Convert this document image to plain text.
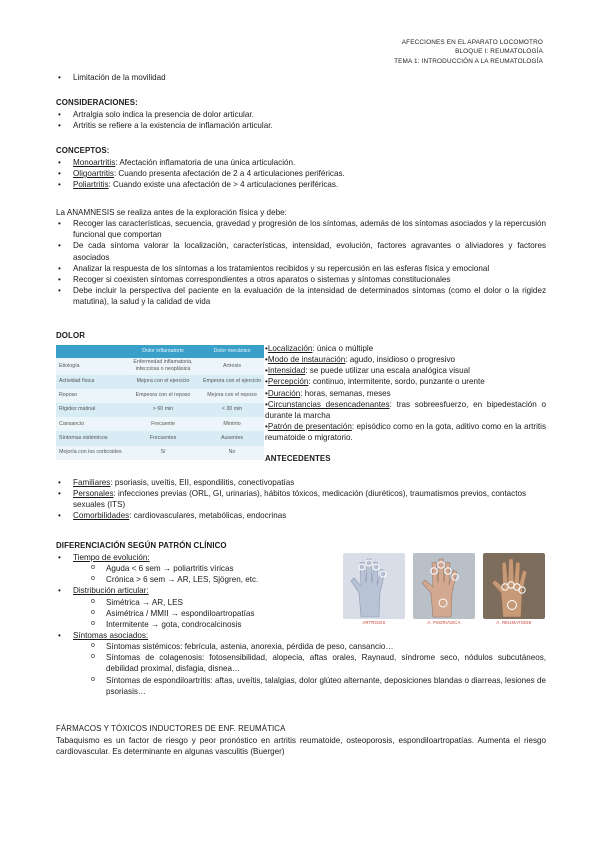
AFECCIONES EN EL APARATO LOCOMOTRO
BLOQUE I: REUMATOLOGÍA
TEMA 1: INTRODUCCIÓN A LA REUMATOLOGÍA
• Limitación de la movilidad
CONSIDERACIONES:
• Artralgia solo indica la presencia de dolor articular.
• Artritis se refiere a la existencia de inflamación articular.
CONCEPTOS:
• Monoartritis: Afectación inflamatoria de una única articulación.
• Oligoartritis: Cuando presenta afectación de 2 a 4 articulaciones periféricas.
• Poliartritis: Cuando existe una afectación de > 4 articulaciones periféricas.
La ANAMNESIS se realiza antes de la exploración física y debe:
• Recoger las características, secuencia, gravedad y progresión de los síntomas, además de los síntomas asociados y la repercusión funcional que comportan
• De cada síntoma valorar la localización, características, intensidad, evolución, factores agravantes o aliviadores y factores asociados
• Analizar la respuesta de los síntomas a los tratamientos recibidos y su repercusión en las esferas física y emocional
• Recoger si coexisten síntomas correspondientes a otros aparatos o sistemas y síntomas constitucionales
• Debe incluir la perspectiva del paciente en la evaluación de la intensidad de determinados síntomas (como el dolor o la rigidez matutina), la salud y la calidad de vida
DOLOR
	Dolor inflamatorio	Dolor mecánico
Etiología	Enfermedad inflamatoria, infecciosa o neoplásica	Artrosis
Actividad física	Mejora con el ejercicio	Empeora con el ejercicio
Reposo	Empeora con el reposo	Mejora con el reposo
Rigidez matinal	> 60 min	< 30 min
Cansancio	Frecuente	Mínimo
Síntomas sistémicos	Frecuentes	Ausentes
Mejoría con los corticoides	Sí	No
•Localización: única o múltiple
•Modo de instauración: agudo, insidioso o progresivo
•Intensidad: se puede utilizar una escala analógica visual
•Percepción: continuo, intermitente, sordo, punzante o urente
•Duración: horas, semanas, meses
•Circunstancias desencadenantes: tras sobreesfuerzo, en bipedestación o durante la marcha
•Patrón de presentación: episódico como en la gota, aditivo como en la artritis reumatoide o migratorio.
ANTECEDENTES
• Familiares: psoriasis, uveítis, EII, espondilitis, conectivopatías
• Personales: infecciones previas (ORL, GI, urinarias), hábitos tóxicos, medicación (diuréticos), traumatismos previos, contactos sexuales (ITS)
• Comorbilidades: cardiovasculares, metabólicas, endocrinas
DIFERENCIACIÓN SEGÚN PATRÓN CLÍNICO
• Tiempo de evolución:
o Aguda < 6 sem → poliartritis víricas
o Crónica > 6 sem → AR, LES, Sjögren, etc.
• Distribución articular:
o Simétrica → AR, LES
o Asimétrica / MMII → espondiloartropatías
o Intermitente → gota, condrocalcinosis
• Síntomas asociados:
o Síntomas sistémicos: febrícula, astenia, anorexia, pérdida de peso, cansancio…
o Síntomas de colagenosis: fotosensibilidad, alopecia, aftas orales, Raynaud, síndrome seco, nódulos subcutáneos, debilidad proximal, disfagia, disnea…
o Síntomas de espondiloartritis: aftas, uveítis, talalgias, dolor glúteo alternante, deposiciones blandas o diarreas, lesiones de psoriasis…
ARTROSIS	A. PSORIÁSICA	A. REUMATOIDE
FÁRMACOS Y TÓXICOS INDUCTORES DE ENF. REUMÁTICA
Tabaquismo es un factor de riesgo y peor pronóstico en artritis reumatoide, osteoporosis, espondiloartropatías. Aumenta el riesgo cardiovascular. Es determinante en algunas vasculitis (Buerger)
